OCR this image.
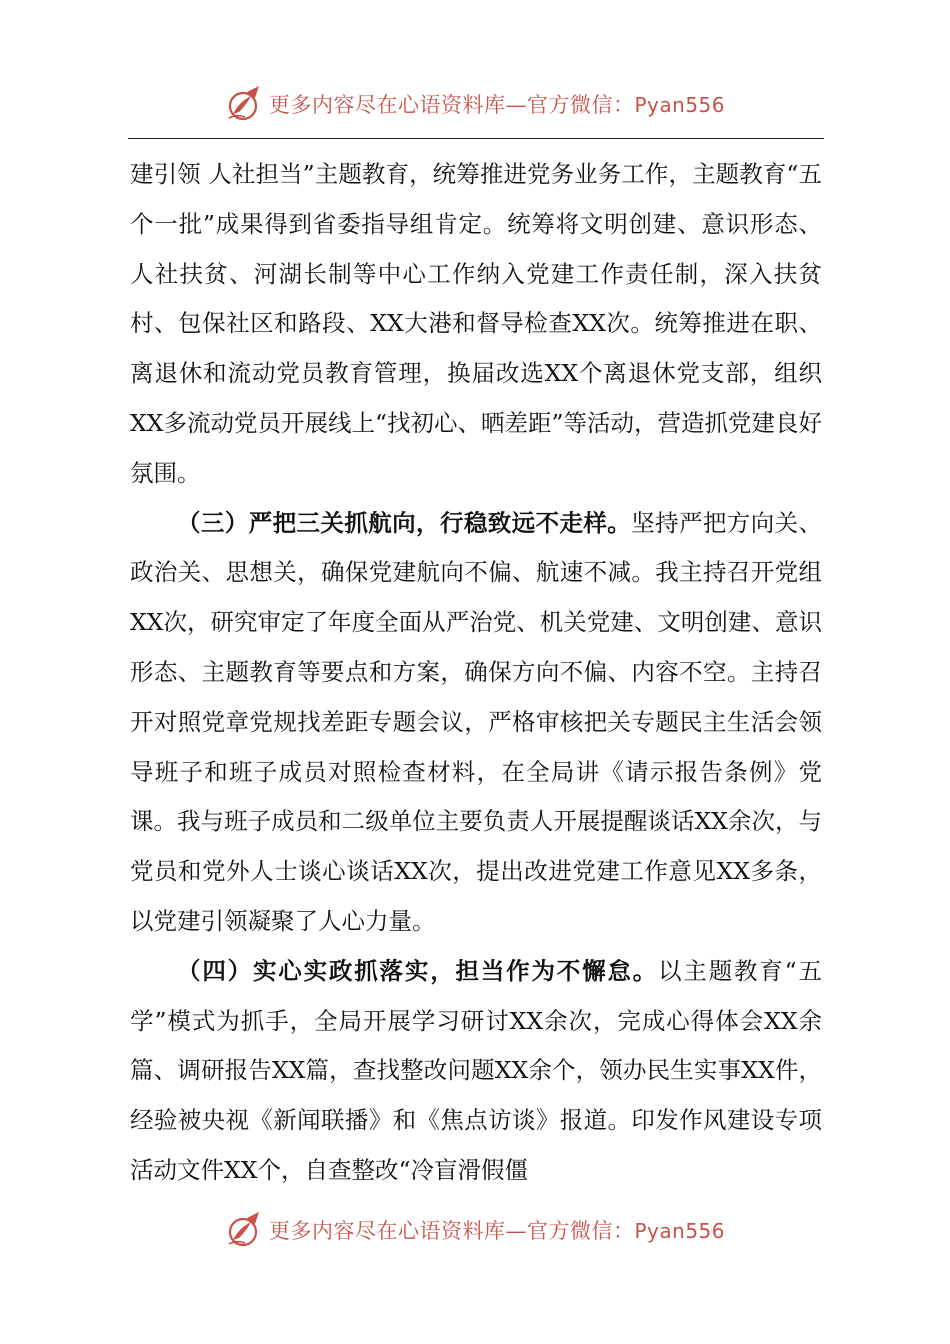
更多内容尽在心语资料库—官方微信：Pyan556

建引领 人社担当”主题教育，统筹推进党务业务工作，主题教育“五个一批”成果得到省委指导组肯定。统筹将文明创建、意识形态、人社扶贫、河湖长制等中心工作纳入党建工作责任制，深入扶贫村、包保社区和路段、XX大港和督导检查XX次。统筹推进在职、离退休和流动党员教育管理，换届改选XX个离退休党支部，组织XX多流动党员开展线上“找初心、晒差距”等活动，营造抓党建良好氛围。

（三）严把三关抓航向，行稳致远不走样。坚持严把方向关、政治关、思想关，确保党建航向不偏、航速不减。我主持召开党组XX次，研究审定了年度全面从严治党、机关党建、文明创建、意识形态、主题教育等要点和方案，确保方向不偏、内容不空。主持召开对照党章党规找差距专题会议，严格审核把关专题民主生活会领导班子和班子成员对照检查材料，在全局讲《请示报告条例》党课。我与班子成员和二级单位主要负责人开展提醒谈话XX余次，与党员和党外人士谈心谈话XX次，提出改进党建工作意见XX多条，以党建引领凝聚了人心力量。

（四）实心实政抓落实，担当作为不懈怠。以主题教育“五学”模式为抓手，全局开展学习研讨XX余次，完成心得体会XX余篇、调研报告XX篇，查找整改问题XX余个，领办民生实事XX件，经验被央视《新闻联播》和《焦点访谈》报道。印发作风建设专项活动文件XX个，自查整改“冷盲滑假僵

更多内容尽在心语资料库—官方微信：Pyan556
